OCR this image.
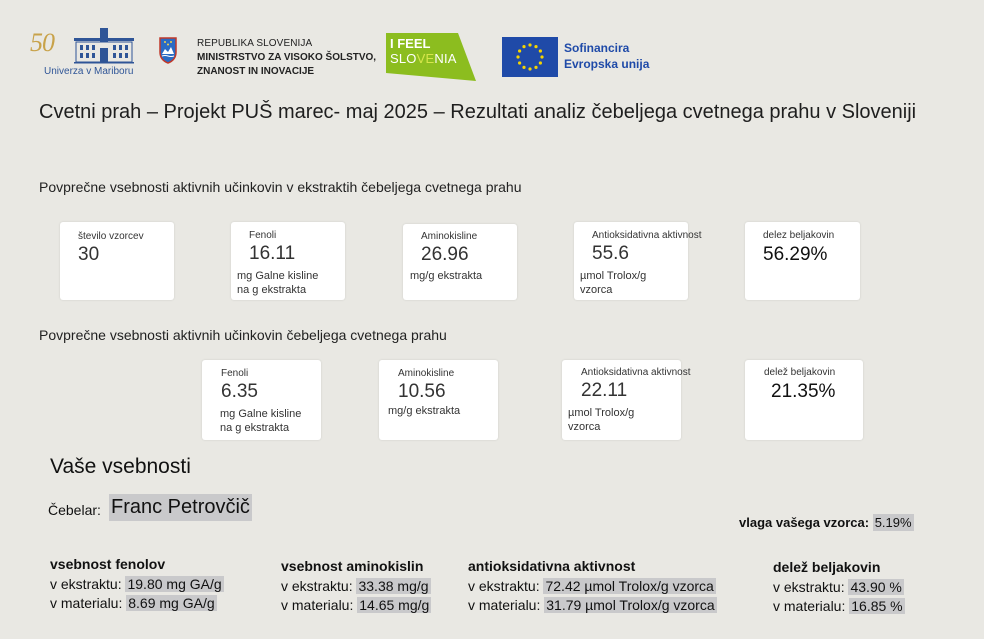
50
Univerza v Mariboru
REPUBLIKA SLOVENIJA
MINISTRSTVO ZA VISOKO ŠOLSTVO,
ZNANOST IN INOVACIJE
I FEEL
SLOVENIA
Sofinancira
Evropska unija
Cvetni prah – Projekt PUŠ marec- maj 2025 – Rezultati analiz čebeljega cvetnega prahu v Sloveniji
Povprečne vsebnosti aktivnih učinkovin v ekstraktih čebeljega cvetnega prahu
število vzorcev
30
Fenoli
16.11
mg Galne kisline
na g ekstrakta
Aminokisline
26.96
mg/g ekstrakta
Antioksidativna aktivnost
55.6
µmol Trolox/g
vzorca
delez beljakovin
56.29%
Povprečne vsebnosti aktivnih učinkovin čebeljega cvetnega prahu
Fenoli
6.35
mg Galne kisline
na g ekstrakta
Aminokisline
10.56
mg/g ekstrakta
Antioksidativna aktivnost
22.11
µmol Trolox/g
vzorca
delež beljakovin
21.35%
Vaše vsebnosti
Čebelar: Franc Petrovčič
vlaga vašega vzorca: 5.19%
vsebnost fenolov
v ekstraktu: 19.80 mg GA/g
v materialu: 8.69 mg GA/g
vsebnost aminokislin
v ekstraktu: 33.38 mg/g
v materialu: 14.65 mg/g
antioksidativna aktivnost
v ekstraktu: 72.42 µmol Trolox/g vzorca
v materialu: 31.79 µmol Trolox/g vzorca
delež beljakovin
v ekstraktu: 43.90 %
v materialu: 16.85 %
